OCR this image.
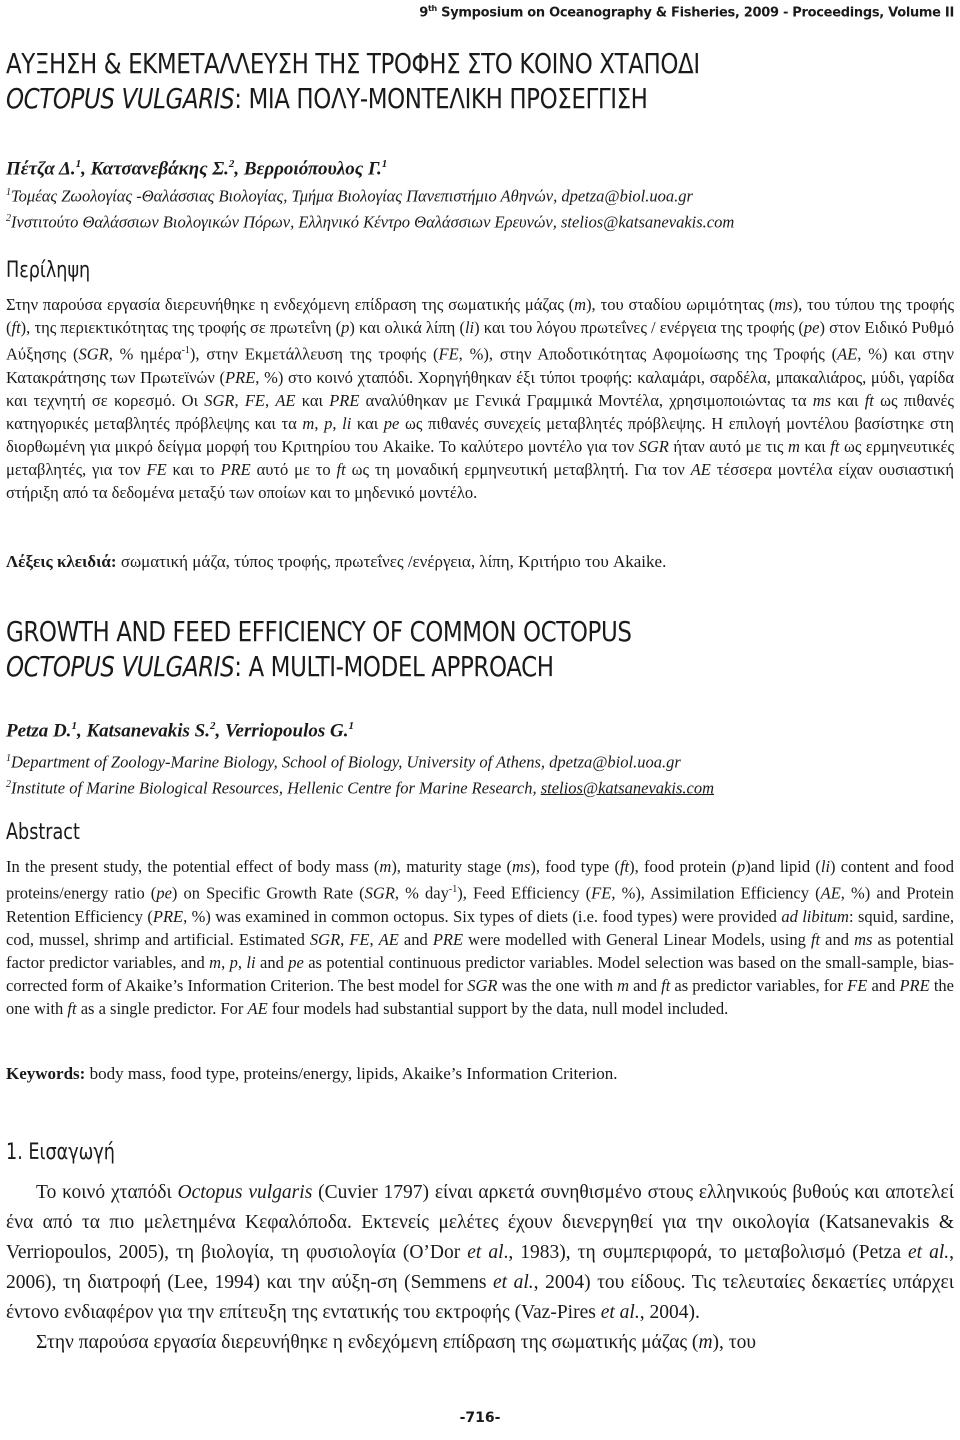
9th Symposium on Oceanography & Fisheries, 2009 - Proceedings, Volume II
ΑΥΞΗΣΗ & ΕΚΜΕΤΑΛΛΕΥΣΗ ΤΗΣ ΤΡΟΦΗΣ ΣΤΟ ΚΟΙΝΟ ΧΤΑΠΟΔΙ
OCTOPUS VULGARIS: ΜΙΑ ΠΟΛΥ-ΜΟΝΤΕΛΙΚΗ ΠΡΟΣΕΓΓΙΣΗ
Πέτζα Δ.$^1$, Κατσανεβάκης Σ.$^2$, Βερροιόπουλος Γ.$^1$
$^1$Τομέας Ζωολογίας -Θαλάσσιας Βιολογίας, Τμήμα Βιολογίας Πανεπιστήμιο Αθηνών, dpetza@biol.uoa.gr
$^2$Ινστιτούτο Θαλάσσιων Βιολογικών Πόρων, Ελληνικό Κέντρο Θαλάσσιων Ερευνών, stelios@katsanevakis.com
Περίληψη
Στην παρούσα εργασία διερευνήθηκε η ενδεχόμενη επίδραση της σωματικής μάζας (m), του σταδίου ωριμότητας (ms), του τύπου της τροφής (ft), της περιεκτικότητας της τροφής σε πρωτεΐνη (p) και ολικά λίπη (li) και του λόγου πρωτεΐνες / ενέργεια της τροφής (pe) στον Ειδικό Ρυθμό Αύξησης (SGR, % ημέρα$^{-1}$), στην Εκμετάλλευση της τροφής (FE, %), στην Αποδοτικότητας Αφομοίωσης της Τροφής (AE, %) και στην Κατακράτησης των Πρωτεϊνών (PRE, %) στο κοινό χταπόδι. Χορηγήθηκαν έξι τύποι τροφής: καλαμάρι, σαρδέλα, μπακαλιάρος, μύδι, γαρίδα και τεχνητή σε κορεσμό. Οι SGR, FE, AE και PRE αναλύθηκαν με Γενικά Γραμμικά Μοντέλα, χρησιμοποιώντας τα ms και ft ως πιθανές κατηγορικές μεταβλητές πρόβλεψης και τα m, p, li και pe ως πιθανές συνεχείς μεταβλητές πρόβλεψης. Η επιλογή μοντέλου βασίστηκε στη διορθωμένη για μικρό δείγμα μορφή του Κριτηρίου του Akaike. Το καλύτερο μοντέλο για τον SGR ήταν αυτό με τις m και ft ως ερμηνευτικές μεταβλητές, για τον FE και το PRE αυτό με το ft ως τη μοναδική ερμηνευτική μεταβλητή. Για τον AE τέσσερα μοντέλα είχαν ουσιαστική στήριξη από τα δεδομένα μεταξύ των οποίων και το μηδενικό μοντέλο.
Λέξεις κλειδιά: σωματική μάζα, τύπος τροφής, πρωτεΐνες /ενέργεια, λίπη, Κριτήριο του Akaike.
GROWTH AND FEED EFFICIENCY OF COMMON OCTOPUS
OCTOPUS VULGARIS: A MULTI-MODEL APPROACH
Petza D.$^1$, Katsanevakis S.$^2$, Verriopoulos G.$^1$
$^1$Department of Zoology-Marine Biology, School of Biology, University of Athens, dpetza@biol.uoa.gr
$^2$Institute of Marine Biological Resources, Hellenic Centre for Marine Research, stelios@katsanevakis.com
Abstract
In the present study, the potential effect of body mass (m), maturity stage (ms), food type (ft), food protein (p)and lipid (li) content and food proteins/energy ratio (pe) on Specific Growth Rate (SGR, % day$^{-1}$), Feed Efficiency (FE, %), Assimilation Efficiency (AE, %) and Protein Retention Efficiency (PRE, %) was examined in common octopus. Six types of diets (i.e. food types) were provided ad libitum: squid, sardine, cod, mussel, shrimp and artificial. Estimated SGR, FE, AE and PRE were modelled with General Linear Models, using ft and ms as potential factor predictor variables, and m, p, li and pe as potential continuous predictor variables. Model selection was based on the small-sample, bias-corrected form of Akaike’s Information Criterion. The best model for SGR was the one with m and ft as predictor variables, for FE and PRE the one with ft as a single predictor. For AE four models had substantial support by the data, null model included.
Keywords: body mass, food type, proteins/energy, lipids, Akaike’s Information Criterion.
1. Εισαγωγή
Το κοινό χταπόδι Octopus vulgaris (Cuvier 1797) είναι αρκετά συνηθισμένο στους ελληνικούς βυθούς και αποτελεί ένα από τα πιο μελετημένα Κεφαλόποδα. Εκτενείς μελέτες έχουν διενεργηθεί για την οικολογία (Katsanevakis & Verriopoulos, 2005), τη βιολογία, τη φυσιολογία (O’Dor et al., 1983), τη συμπεριφορά, το μεταβολισμό (Petza et al., 2006), τη διατροφή (Lee, 1994) και την αύξη-ση (Semmens et al., 2004) του είδους. Τις τελευταίες δεκαετίες υπάρχει έντονο ενδιαφέρον για την επίτευξη της εντατικής του εκτροφής (Vaz-Pires et al., 2004).
Στην παρούσα εργασία διερευνήθηκε η ενδεχόμενη επίδραση της σωματικής μάζας (m), του
-716-
